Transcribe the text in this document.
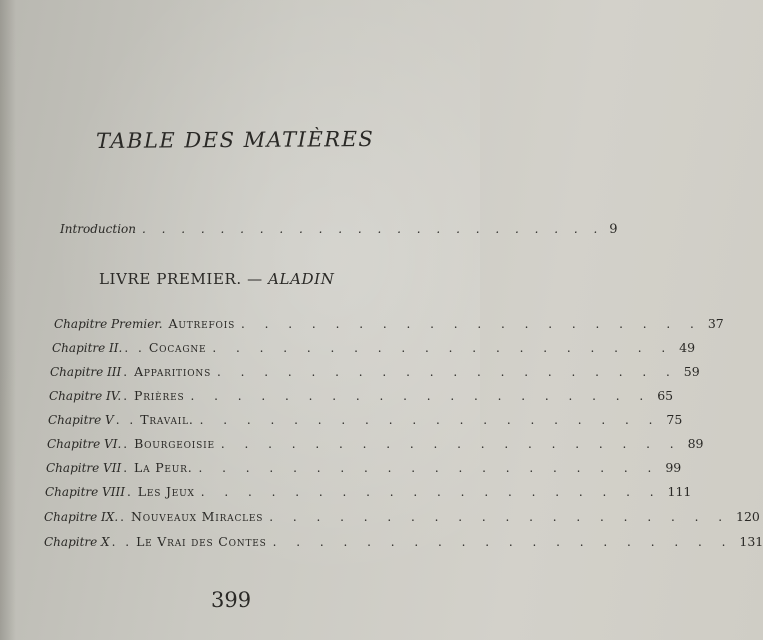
TABLE DES MATIÈRES
Introduction . . . . . . . . . . . . . . . . . . . . . . . . 9
LIVRE PREMIER. — ALADIN
Chapitre Premier. Autrefois . . . . . . . . . . . . . . . . . . . . 37
Chapitre II. . . Cocagne . . . . . . . . . . . . . . . . . . . . 49
Chapitre III . Apparitions . . . . . . . . . . . . . . . . . . . . 59
Chapitre IV. . Prières . . . . . . . . . . . . . . . . . . . . 65
Chapitre V . . Travail. . . . . . . . . . . . . . . . . . . . . 75
Chapitre VI. . Bourgeoisie . . . . . . . . . . . . . . . . . . . . 89
Chapitre VII . La Peur. . . . . . . . . . . . . . . . . . . . . 99
Chapitre VIII . Les Jeux . . . . . . . . . . . . . . . . . . . . 111
Chapitre IX. . Nouveaux Miracles . . . . . . . . . . . . . . . . . . . . 120
Chapitre X . . Le Vrai des Contes . . . . . . . . . . . . . . . . . . . . 131
399
